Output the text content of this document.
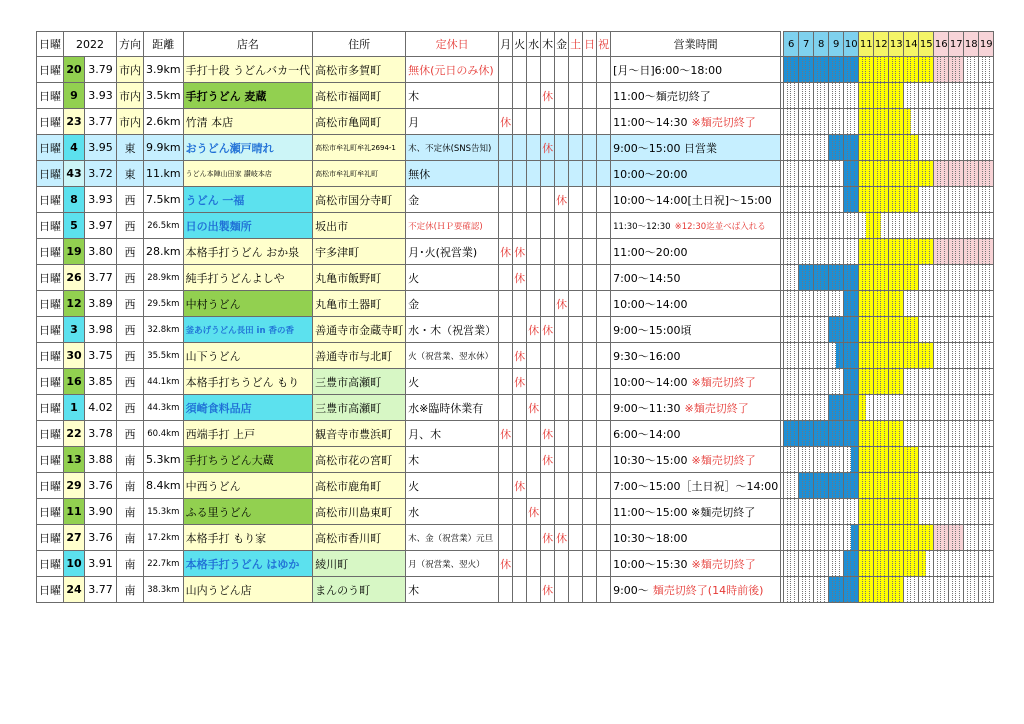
日曜	2022		方向	距離	店名	住所	定休日	月	火	水	木	金	土	日	祝	営業時間		6	7	8	9	10	11	12	13	14	15	16	17	18	19
日曜	20	3.79	市内	3.9km	手打十段 うどんバカ一代	高松市多賀町	無休(元日のみ休)									[月～日]6:00～18:00		

日曜	9	3.93	市内	3.5km	手打うどん 麦蔵	高松市福岡町	木				休					11:00～麺売切終了		

日曜	23	3.77	市内	2.6km	竹清 本店	高松市亀岡町	月	休								11:00～14:30 ※麺売切終了		

日曜	4	3.95	東	9.9km	おうどん瀬戸晴れ	高松市牟礼町牟礼2694-1	木、不定休(SNS告知)				休					9:00～15:00 日営業		

日曜	43	3.72	東	11.km	うどん本陣山田家 讃岐本店	高松市牟礼町牟礼町	無休									10:00～20:00		

日曜	8	3.93	西	7.5km	うどん 一福	高松市国分寺町	金					休				10:00～14:00[土日祝]～15:00		

日曜	5	3.97	西	26.5km	日の出製麺所	坂出市	不定休(ＨＰ要確認)									11:30～12:30 ※12:30迄並べば入れる		

日曜	19	3.80	西	28.km	本格手打うどん おか泉	宇多津町	月･火(祝営業)	休	休							11:00～20:00		

日曜	26	3.77	西	28.9km	純手打うどんよしや	丸亀市飯野町	火		休							7:00～14:50		

日曜	12	3.89	西	29.5km	中村うどん	丸亀市土器町	金					休				10:00～14:00		

日曜	3	3.98	西	32.8km	釜あげうどん長田 in 香の香	善通寺市金蔵寺町	水・木（祝営業）			休	休					9:00～15:00頃		

日曜	30	3.75	西	35.5km	山下うどん	善通寺市与北町	火（祝営業、翌水休）		休							9:30～16:00		

日曜	16	3.85	西	44.1km	本格手打ちうどん もり	三豊市高瀬町	火		休							10:00～14:00 ※麺売切終了		

日曜	1	4.02	西	44.3km	須崎食料品店	三豊市高瀬町	水※臨時休業有			休						9:00～11:30 ※麺売切終了		

日曜	22	3.78	西	60.4km	西端手打 上戸	観音寺市豊浜町	月、木	休			休					6:00～14:00		

日曜	13	3.88	南	5.3km	手打ちうどん大蔵	高松市花の宮町	木				休					10:30～15:00 ※麺売切終了		

日曜	29	3.76	南	8.4km	中西うどん	高松市鹿角町	火		休							7:00～15:00［土日祝］～14:00		

日曜	11	3.90	南	15.3km	ふる里うどん	高松市川島東町	水			休						11:00～15:00 ※麺売切終了		

日曜	27	3.76	南	17.2km	本格手打 もり家	高松市香川町	木、金（祝営業）元旦				休	休				10:30～18:00		

日曜	10	3.91	南	22.7km	本格手打うどん はゆか	綾川町	月（祝営業、翌火）	休								10:00～15:30 ※麺売切終了		

日曜	24	3.77	南	38.3km	山内うどん店	まんのう町	木				休					9:00～ 麺売切終了(14時前後)		
